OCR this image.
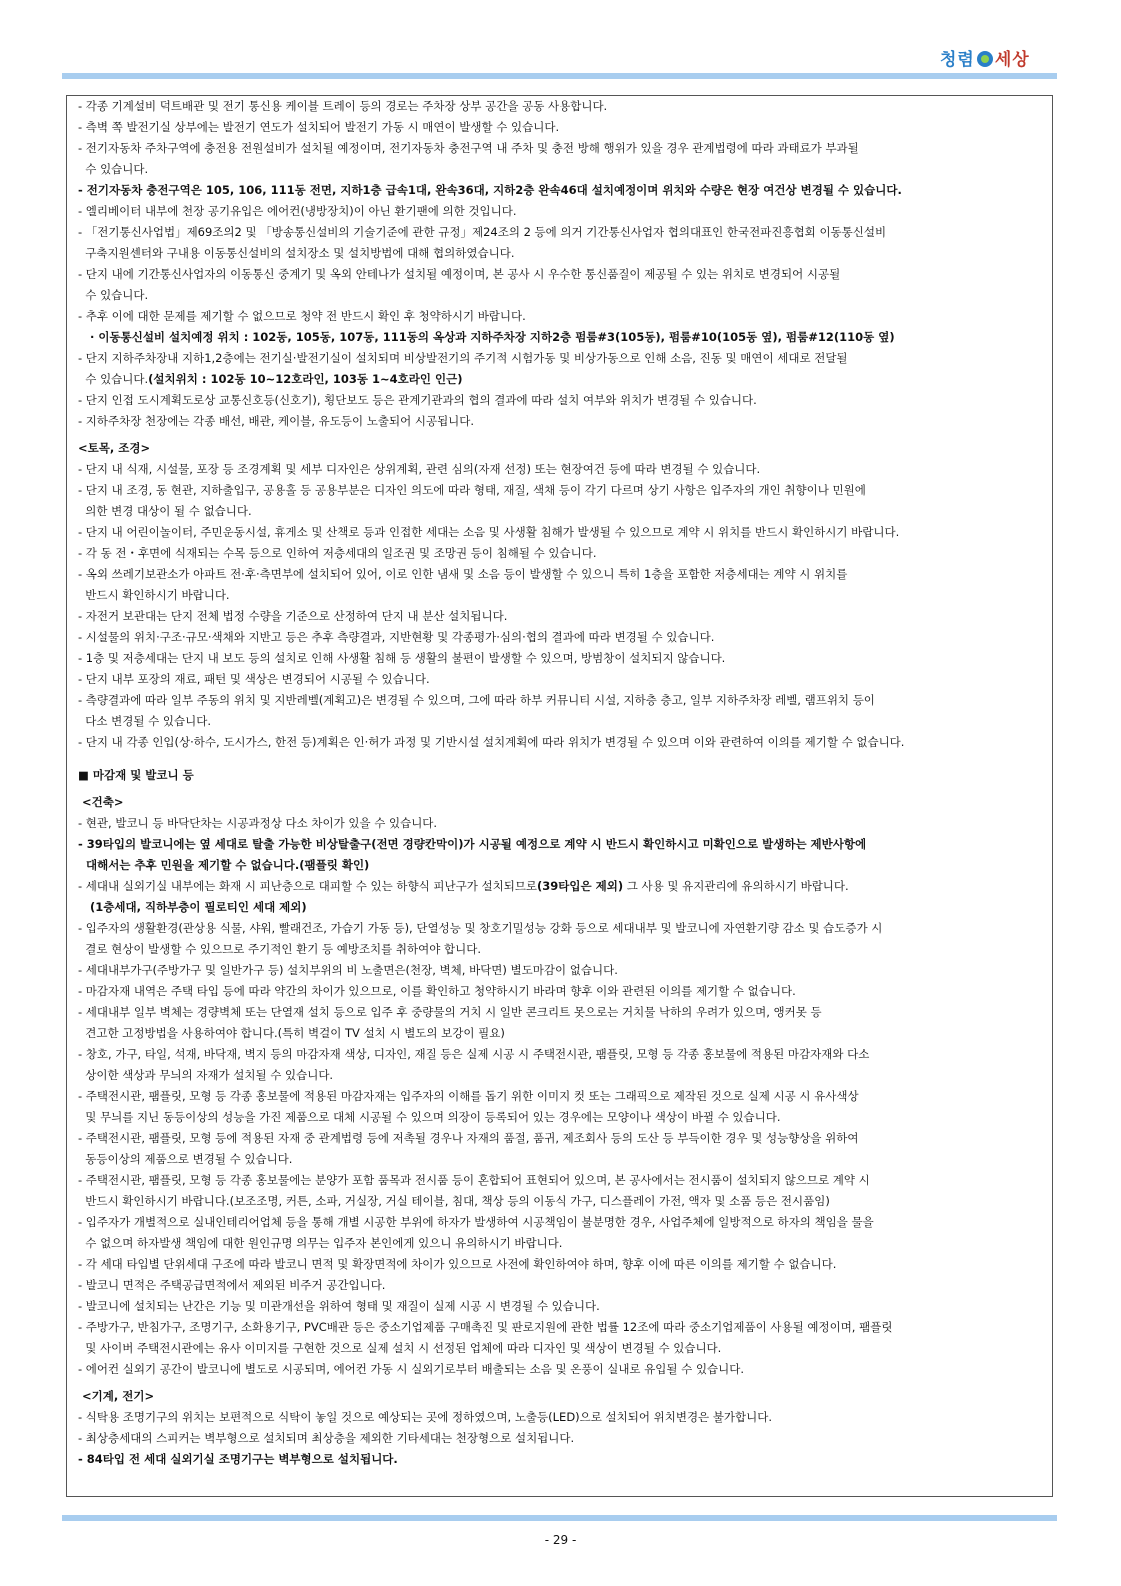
청렴 세상
- 각종 기계설비 덕트배관 및 전기 통신용 케이블 트레이 등의 경로는 주차장 상부 공간을 공동 사용합니다.
- 측벽 쪽 발전기실 상부에는 발전기 연도가 설치되어 발전기 가동 시 매연이 발생할 수 있습니다.
- 전기자동차 주차구역에 충전용 전원설비가 설치될 예정이며, 전기자동차 충전구역 내 주차 및 충전 방해 행위가 있을 경우 관계법령에 따라 과태료가 부과될
수 있습니다.
- 전기자동차 충전구역은 105, 106, 111동 전면, 지하1층 급속1대, 완속36대, 지하2층 완속46대 설치예정이며 위치와 수량은 현장 여건상 변경될 수 있습니다.
- 엘리베이터 내부에 천장 공기유입은 에어컨(냉방장치)이 아닌 환기팬에 의한 것입니다.
- 「전기통신사업법」제69조의2 및 「방송통신설비의 기술기준에 관한 규정」제24조의 2 등에 의거 기간통신사업자 협의대표인 한국전파진흥협회 이동통신설비
구축지원센터와 구내용 이동통신설비의 설치장소 및 설치방법에 대해 협의하였습니다.
- 단지 내에 기간통신사업자의 이동통신 중계기 및 옥외 안테나가 설치될 예정이며, 본 공사 시 우수한 통신품질이 제공될 수 있는 위치로 변경되어 시공될
수 있습니다.
- 추후 이에 대한 문제를 제기할 수 없으므로 청약 전 반드시 확인 후 청약하시기 바랍니다.
· 이동통신설비 설치예정 위치 : 102동, 105동, 107동, 111동의 옥상과 지하주차장 지하2층 펌룸#3(105동), 펌룸#10(105동 옆), 펌룸#12(110동 옆)
- 단지 지하주차장내 지하1,2층에는 전기실·발전기실이 설치되며 비상발전기의 주기적 시험가동 및 비상가동으로 인해 소음, 진동 및 매연이 세대로 전달될
수 있습니다.(설치위치 : 102동 10~12호라인, 103동 1~4호라인 인근)
- 단지 인접 도시계획도로상 교통신호등(신호기), 횡단보도 등은 관계기관과의 협의 결과에 따라 설치 여부와 위치가 변경될 수 있습니다.
- 지하주차장 천장에는 각종 배선, 배관, 케이블, 유도등이 노출되어 시공됩니다.
<토목, 조경>
- 단지 내 식재, 시설물, 포장 등 조경계획 및 세부 디자인은 상위계획, 관련 심의(자재 선정) 또는 현장여건 등에 따라 변경될 수 있습니다.
- 단지 내 조경, 동 현관, 지하출입구, 공용홀 등 공용부분은 디자인 의도에 따라 형태, 재질, 색채 등이 각기 다르며 상기 사항은 입주자의 개인 취향이나 민원에
의한 변경 대상이 될 수 없습니다.
- 단지 내 어린이놀이터, 주민운동시설, 휴게소 및 산책로 등과 인접한 세대는 소음 및 사생활 침해가 발생될 수 있으므로 계약 시 위치를 반드시 확인하시기 바랍니다.
- 각 동 전・후면에 식재되는 수목 등으로 인하여 저층세대의 일조권 및 조망권 등이 침해될 수 있습니다.
- 옥외 쓰레기보관소가 아파트 전·후·측면부에 설치되어 있어, 이로 인한 냄새 및 소음 등이 발생할 수 있으니 특히 1층을 포함한 저층세대는 계약 시 위치를
반드시 확인하시기 바랍니다.
- 자전거 보관대는 단지 전체 법정 수량을 기준으로 산정하여 단지 내 분산 설치됩니다.
- 시설물의 위치·구조·규모·색채와 지반고 등은 추후 측량결과, 지반현황 및 각종평가·심의·협의 결과에 따라 변경될 수 있습니다.
- 1층 및 저층세대는 단지 내 보도 등의 설치로 인해 사생활 침해 등 생활의 불편이 발생할 수 있으며, 방범창이 설치되지 않습니다.
- 단지 내부 포장의 재료, 패턴 및 색상은 변경되어 시공될 수 있습니다.
- 측량결과에 따라 일부 주동의 위치 및 지반레벨(계획고)은 변경될 수 있으며, 그에 따라 하부 커뮤니티 시설, 지하층 층고, 일부 지하주차장 레벨, 램프위치 등이
다소 변경될 수 있습니다.
- 단지 내 각종 인입(상·하수, 도시가스, 한전 등)계획은 인·허가 과정 및 기반시설 설치계획에 따라 위치가 변경될 수 있으며 이와 관련하여 이의를 제기할 수 없습니다.
■ 마감재 및 발코니 등
<건축>
- 현관, 발코니 등 바닥단차는 시공과정상 다소 차이가 있을 수 있습니다.
- 39타입의 발코니에는 옆 세대로 탈출 가능한 비상탈출구(전면 경량칸막이)가 시공될 예정으로 계약 시 반드시 확인하시고 미확인으로 발생하는 제반사항에
대해서는 추후 민원을 제기할 수 없습니다.(팸플릿 확인)
- 세대내 실외기실 내부에는 화재 시 피난층으로 대피할 수 있는 하향식 피난구가 설치되므로(39타입은 제외) 그 사용 및 유지관리에 유의하시기 바랍니다.
(1층세대, 직하부층이 필로티인 세대 제외)
- 입주자의 생활환경(관상용 식물, 샤워, 빨래건조, 가습기 가동 등), 단열성능 및 창호기밀성능 강화 등으로 세대내부 및 발코니에 자연환기량 감소 및 습도증가 시
결로 현상이 발생할 수 있으므로 주기적인 환기 등 예방조치를 취하여야 합니다.
- 세대내부가구(주방가구 및 일반가구 등) 설치부위의 비 노출면은(천장, 벽체, 바닥면) 별도마감이 없습니다.
- 마감자재 내역은 주택 타입 등에 따라 약간의 차이가 있으므로, 이를 확인하고 청약하시기 바라며 향후 이와 관련된 이의를 제기할 수 없습니다.
- 세대내부 일부 벽체는 경량벽체 또는 단열재 설치 등으로 입주 후 중량물의 거치 시 일반 콘크리트 못으로는 거치물 낙하의 우려가 있으며, 앵커못 등
견고한 고정방법을 사용하여야 합니다.(특히 벽걸이 TV 설치 시 별도의 보강이 필요)
- 창호, 가구, 타일, 석재, 바닥재, 벽지 등의 마감자재 색상, 디자인, 재질 등은 실제 시공 시 주택전시관, 팸플릿, 모형 등 각종 홍보물에 적용된 마감자재와 다소
상이한 색상과 무늬의 자재가 설치될 수 있습니다.
- 주택전시관, 팸플릿, 모형 등 각종 홍보물에 적용된 마감자재는 입주자의 이해를 돕기 위한 이미지 컷 또는 그래픽으로 제작된 것으로 실제 시공 시 유사색상
및 무늬를 지닌 동등이상의 성능을 가진 제품으로 대체 시공될 수 있으며 의장이 등록되어 있는 경우에는 모양이나 색상이 바뀔 수 있습니다.
- 주택전시관, 팸플릿, 모형 등에 적용된 자재 중 관계법령 등에 저촉될 경우나 자재의 품절, 품귀, 제조회사 등의 도산 등 부득이한 경우 및 성능향상을 위하여
동등이상의 제품으로 변경될 수 있습니다.
- 주택전시관, 팸플릿, 모형 등 각종 홍보물에는 분양가 포함 품목과 전시품 등이 혼합되어 표현되어 있으며, 본 공사에서는 전시품이 설치되지 않으므로 계약 시
반드시 확인하시기 바랍니다.(보조조명, 커튼, 소파, 거실장, 거실 테이블, 침대, 책상 등의 이동식 가구, 디스플레이 가전, 액자 및 소품 등은 전시품임)
- 입주자가 개별적으로 실내인테리어업체 등을 통해 개별 시공한 부위에 하자가 발생하여 시공책임이 불분명한 경우, 사업주체에 일방적으로 하자의 책임을 물을
수 없으며 하자발생 책임에 대한 원인규명 의무는 입주자 본인에게 있으니 유의하시기 바랍니다.
- 각 세대 타입별 단위세대 구조에 따라 발코니 면적 및 확장면적에 차이가 있으므로 사전에 확인하여야 하며, 향후 이에 따른 이의를 제기할 수 없습니다.
- 발코니 면적은 주택공급면적에서 제외된 비주거 공간입니다.
- 발코니에 설치되는 난간은 기능 및 미관개선을 위하여 형태 및 재질이 실제 시공 시 변경될 수 있습니다.
- 주방가구, 반침가구, 조명기구, 소화용기구, PVC배관 등은 중소기업제품 구매촉진 및 판로지원에 관한 법률 12조에 따라 중소기업제품이 사용될 예정이며, 팸플릿
및 사이버 주택전시관에는 유사 이미지를 구현한 것으로 실제 설치 시 선정된 업체에 따라 디자인 및 색상이 변경될 수 있습니다.
- 에어컨 실외기 공간이 발코니에 별도로 시공되며, 에어컨 가동 시 실외기로부터 배출되는 소음 및 온풍이 실내로 유입될 수 있습니다.
<기계, 전기>
- 식탁용 조명기구의 위치는 보편적으로 식탁이 놓일 것으로 예상되는 곳에 정하였으며, 노출등(LED)으로 설치되어 위치변경은 불가합니다.
- 최상층세대의 스피커는 벽부형으로 설치되며 최상층을 제외한 기타세대는 천장형으로 설치됩니다.
- 84타입 전 세대 실외기실 조명기구는 벽부형으로 설치됩니다.
- 29 -
